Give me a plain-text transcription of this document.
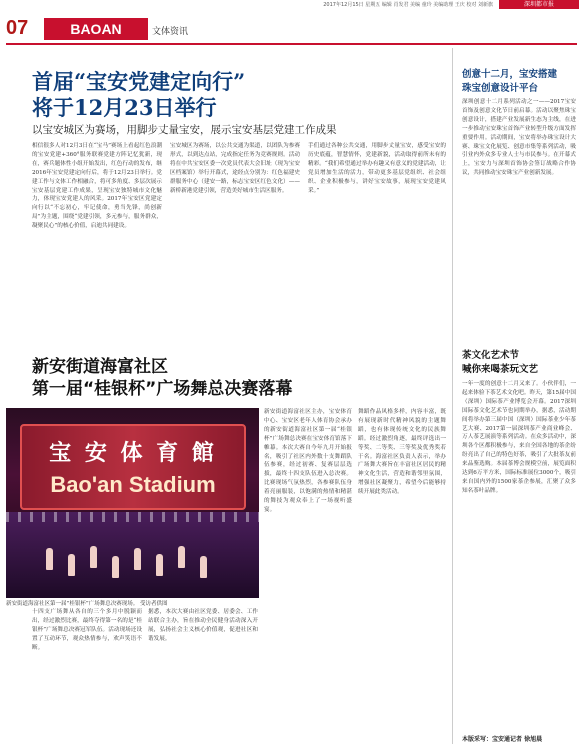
2017年12月15日 星期五 编辑 肖发君 美编 童玲 美编助理 王庆 校对 刘新旗	深圳都市报
07	BAOAN	文体资讯
首届“宝安党建定向行”
将于12月23日举行
以宝安城区为赛场，用脚步丈量宝安，展示宝安基层党建工作成果
相信很多人对12月3日在“宝马”赛场上看起红色浪潮的宝安党建+360°服务联赛党建方阵记忆犹新，现在，赛兵题体性小组开始发出，红色行动的发布，继2016年宝安党建定向行后，将于12月23日举行。党建工作与文体工作相融合，将可多角度、多层次展示宝安基层党建工作成果，呈现宝安独特城市文化魅力，体现宝安党建人的风采。2017年宝安区党建定向行以“不忘初心，牢记使命，勇当先锋，尚创新局”为主题，围绕“党建引领，多元参与，服务群众，凝聚民心”的核心价值，启迪共同建设。
宝安城区为赛场，以公共交通为渠道，以团队为参赛形式，以到达点站，完成指定任务为竞赛规则。活动将在中共宝安区委一次党员代表大会旧址（现为宝安区档案馆）举行开幕式，途经点分别为：红色福建史群服务中心（建安一路，标志宝安区红色文化）——新桥新港党建引领，营造美好城市生活区服务。
手们通过各种公共交通，用脚步丈量宝安，感受宝安的历史底蕴，智慧情怀，党建新貌，活动取得前所未有的精彩。“我们希望通过举办有趣又有意义的党建活动，让党员增加生活的活力，带动更多基层党组织、社会组织、企业积极参与，讲好宝安故事，展现宝安党建风采。”
新安街道海富社区
第一届“桂银杯”广场舞总决赛落幕
宝 安 体 育 館
Bao'an Stadium
新安街道海富社区第一届“桂银杯”广场舞总决赛现场。 受访者供图
新安街道海富社区主办，宝安体育中心、宝安区老年人体育协会承办的新安街道海富社区第一届“桂银杯”广场舞总决赛在宝安体育馆落下帷幕。本次大赛自今年九月开始报名，吸引了社区内外数十支舞蹈队伍参赛，经过初赛、复赛层层选拔，最终十四支队伍进入总决赛。比赛现场气氛热烈，各参赛队伍身着亮丽服装，以饱满的热情和精湛的舞技为观众奉上了一场视听盛宴。
舞蹈作品风格多样，内容丰富，既有展现新时代精神风貌的主题舞蹈，也有体现传统文化的民族舞蹈。经过激烈角逐，最终评选出一等奖、二等奖、三等奖及优秀奖若干名。海富社区负责人表示，举办广场舞大赛旨在丰富社区居民的精神文化生活，营造和谐邻里氛围，增强社区凝聚力，希望今后能够持续开展此类活动。
十四支广场舞从各自的三个多月中脱颖而出，经过激烈比赛，最终夺得第一名的是“桂银杯”广场舞总决赛冠军队伍。活动现场还设置了互动环节，观众热情参与，欢声笑语不断。
据悉，本次大赛由社区党委、居委会、工作站联合主办，旨在推动全民健身活动深入开展，弘扬社会主义核心价值观，促进社区和谐发展。
创意十二月，宝安搭建
珠宝创意设计平台
深圳创意十二月系列活动之一——2017宝安首饰及创意文化节日前启幕。活动以聚焦珠宝创意设计，搭建产业发展新生态为主线，在进一步推动宝安珠宝首饰产业转型升级方面发挥重要作用。活动期间，宝安将举办珠宝设计大赛、珠宝文化展览、创意市集等系列活动，吸引业内外众多专业人士与市民参与。在开幕式上，宝安力与深圳首饰协会签订战略合作协议，共同推动宝安珠宝产业创新发展。
茶文化艺术节
喊你来喝茶玩文艺
一年一度的创意十二月又来了。小伙伴们，一起来体验下茶艺术文化吧。昨天，第15届中国（深圳）国际茶产业博览会开幕。2017深圳国际茶文化艺术节也同期举办，据悉，活动期间将举办第三届中国（深圳）国际茶业少年茶艺大赛、2017第一届深圳茶产业商业峰会、万人茶艺展演等系列活动。在众多活动中，深圳各个区都积极参与，来自全国各地的茶企纷纷亮出了自己的特色好茶，吸引了大批茶友前来品鉴选购。本届茶博会规模空前，展览面积达到6万平方米，国际标准展位3000个，吸引来自国内外的1500家茶企参展，汇聚了众多知名茶叶品牌。
本版采写：宝安通记者 徐旭晨
